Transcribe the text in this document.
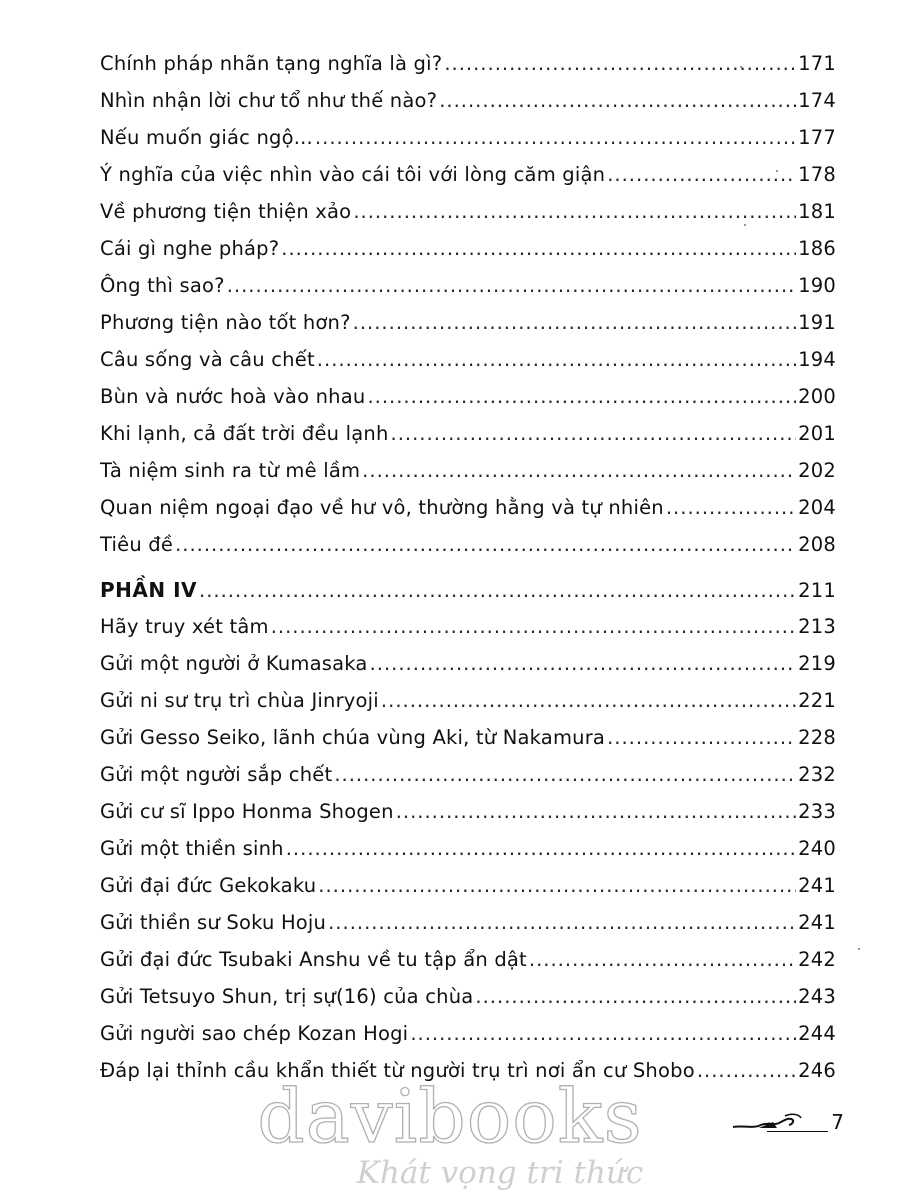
Chính pháp nhãn tạng nghĩa là gì? .....	171
Nhìn nhận lời chư tổ như thế nào? .....	174
Nếu muốn giác ngộ... .....	177
Ý nghĩa của việc nhìn vào cái tôi với lòng căm giận .....	178
Về phương tiện thiện xảo .....	181
Cái gì nghe pháp? .....	186
Ông thì sao? .....	190
Phương tiện nào tốt hơn? .....	191
Câu sống và câu chết .....	194
Bùn và nước hoà vào nhau .....	200
Khi lạnh, cả đất trời đều lạnh .....	201
Tà niệm sinh ra từ mê lầm .....	202
Quan niệm ngoại đạo về hư vô, thường hằng và tự nhiên .....	204
Tiêu đề .....	208
PHẦN IV .....	211
Hãy truy xét tâm .....	213
Gửi một người ở Kumasaka .....	219
Gửi ni sư trụ trì chùa Jinryoji .....	221
Gửi Gesso Seiko, lãnh chúa vùng Aki, từ Nakamura .....	228
Gửi một người sắp chết .....	232
Gửi cư sĩ Ippo Honma Shogen .....	233
Gửi một thiền sinh .....	240
Gửi đại đức Gekokaku .....	241
Gửi thiền sư Soku Hoju .....	241
Gửi đại đức Tsubaki Anshu về tu tập ẩn dật .....	242
Gửi Tetsuyo Shun, trị sự(16) của chùa .....	243
Gửi người sao chép Kozan Hogi .....	244
Đáp lại thỉnh cầu khẩn thiết từ người trụ trì nơi ẩn cư Shobo .....	246
7
davibooks
Khát vọng tri thức
